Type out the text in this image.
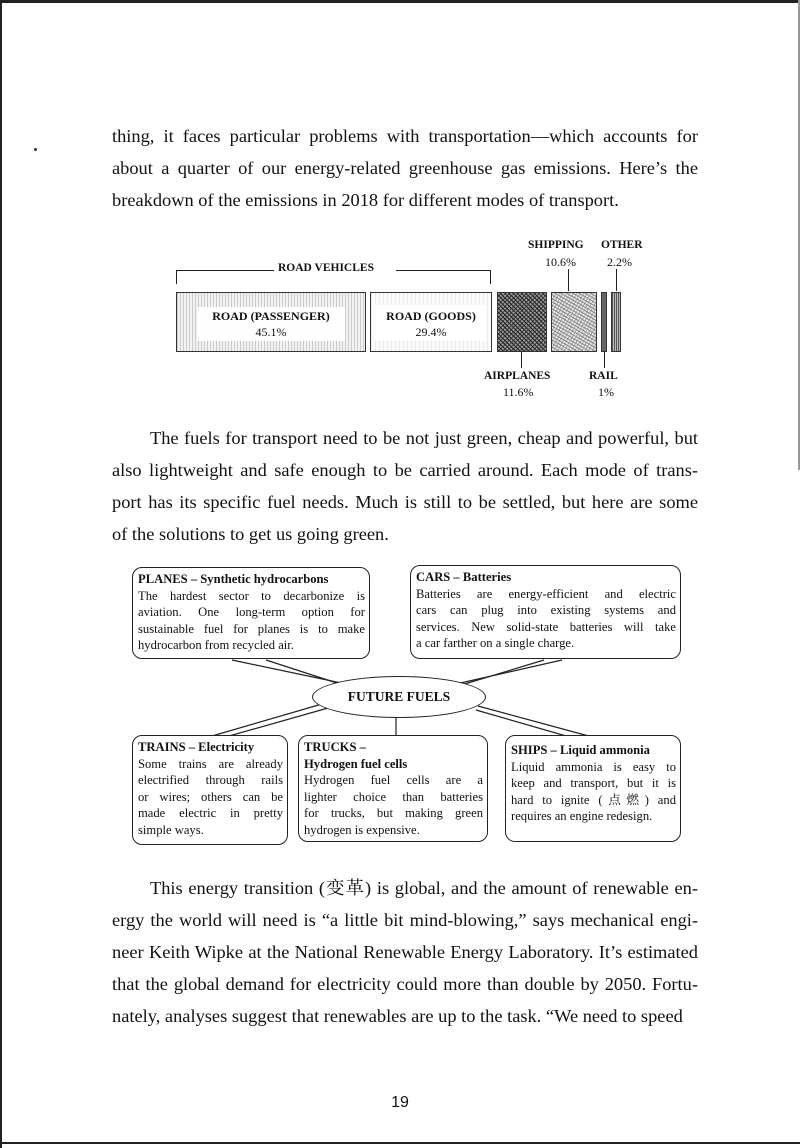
thing, it faces particular problems with transportation—which accounts for
about a quarter of our energy-related greenhouse gas emissions. Here’s the
breakdown of the emissions in 2018 for different modes of transport.

ROAD VEHICLES
SHIPPING OTHER
10.6%	2.2%
ROAD (PASSENGER)
45.1%
ROAD (GOODS)
29.4%
AIRPLANES	RAIL
11.6%	1%

The fuels for transport need to be not just green, cheap and powerful, but
also lightweight and safe enough to be carried around. Each mode of trans-
port has its specific fuel needs. Much is still to be settled, but here are some
of the solutions to get us going green.

PLANES – Synthetic hydrocarbons
The hardest sector to decarbonize is
aviation. One long-term option for
sustainable fuel for planes is to make
hydrocarbon from recycled air.
CARS – Batteries
Batteries are energy-efficient and electric
cars can plug into existing systems and
services. New solid-state batteries will take
a car farther on a single charge.
FUTURE FUELS
TRAINS – Electricity
Some trains are already
electrified through rails
or wires; others can be
made electric in pretty
simple ways.
TRUCKS –
Hydrogen fuel cells
Hydrogen fuel cells are a
lighter choice than batteries
for trucks, but making green
hydrogen is expensive.
SHIPS – Liquid ammonia
Liquid ammonia is easy to
keep and transport, but it is
hard to ignite (点燃) and
requires an engine redesign.

This energy transition (变革) is global, and the amount of renewable en-
ergy the world will need is “a little bit mind-blowing,” says mechanical engi-
neer Keith Wipke at the National Renewable Energy Laboratory. It’s estimated
that the global demand for electricity could more than double by 2050. Fortu-
nately, analyses suggest that renewables are up to the task. “We need to speed

19
